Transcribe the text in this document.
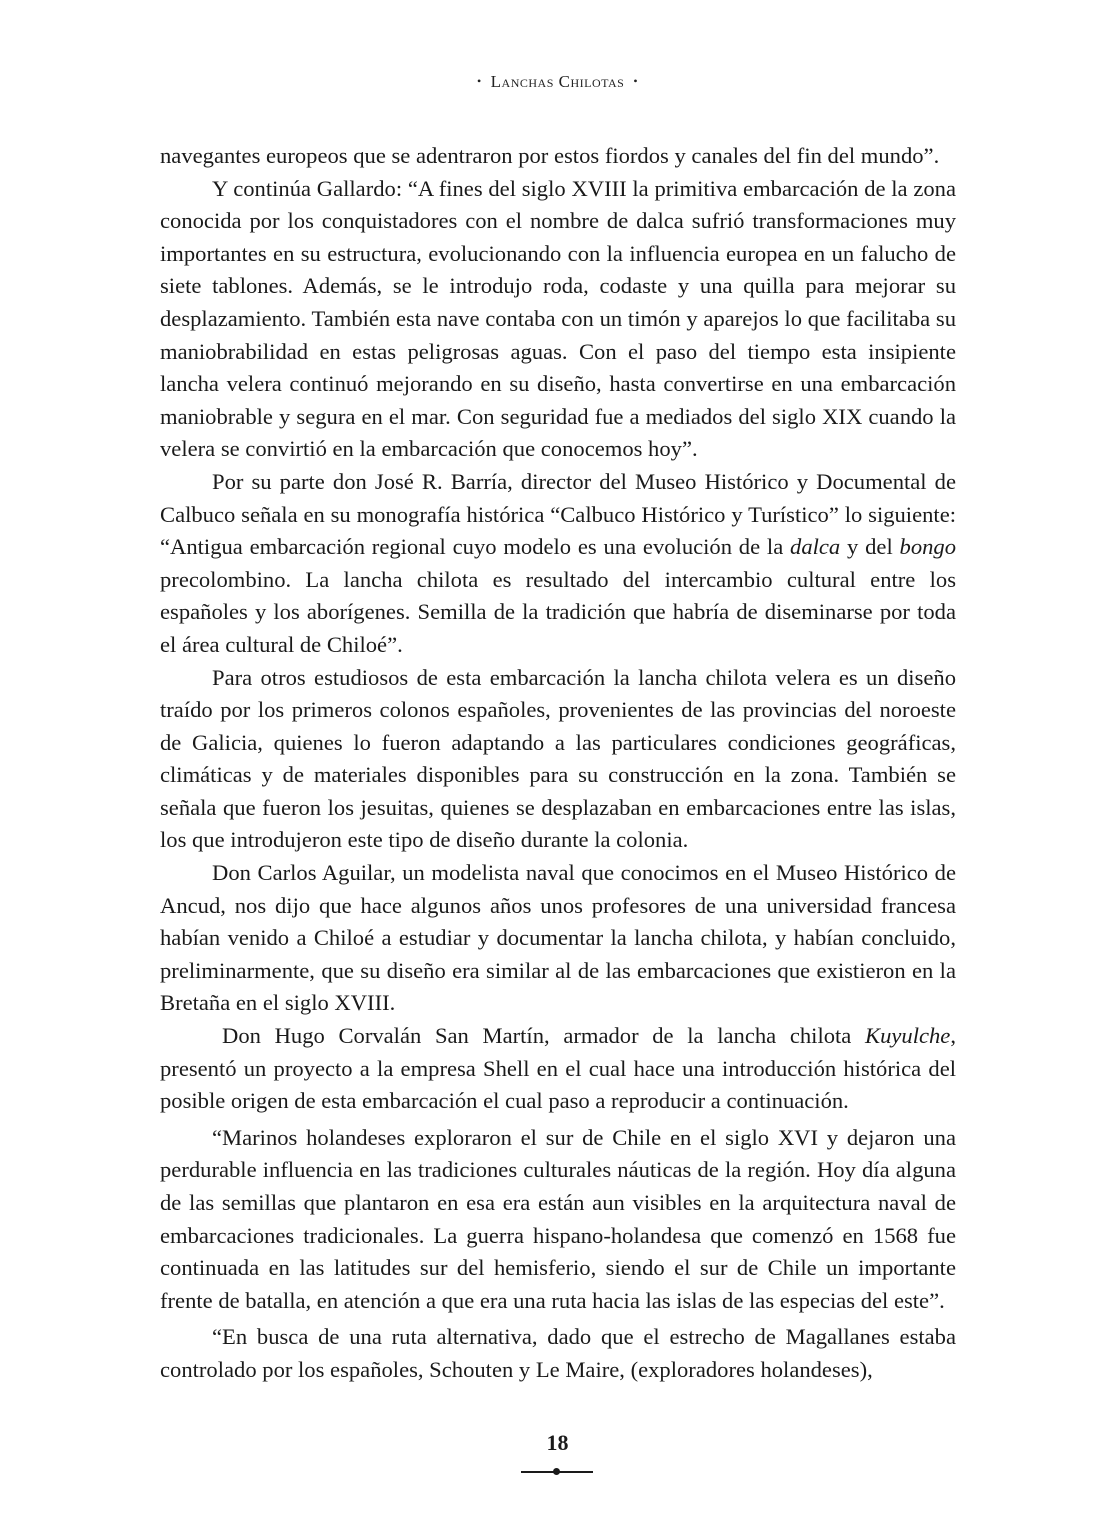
• Lanchas Chilotas •

navegantes europeos que se adentraron por estos fiordos y canales del fin del mundo”.

Y continúa Gallardo: “A fines del siglo XVIII la primitiva embarcación de la zona conocida por los conquistadores con el nombre de dalca sufrió transformaciones muy importantes en su estructura, evolucionando con la influencia europea en un falucho de siete tablones. Además, se le introdujo roda, codaste y una quilla para mejorar su desplazamiento. También esta nave contaba con un timón y aparejos lo que facilitaba su maniobrabilidad en estas peligrosas aguas. Con el paso del tiempo esta insipiente lancha velera continuó mejorando en su diseño, hasta convertirse en una embarcación maniobrable y segura en el mar. Con seguridad fue a mediados del siglo XIX cuando la velera se convirtió en la embarcación que conocemos hoy”.

Por su parte don José R. Barría, director del Museo Histórico y Documental de Calbuco señala en su monografía histórica “Calbuco Histórico y Turístico” lo siguiente: “Antigua embarcación regional cuyo modelo es una evolución de la dalca y del bongo precolombino. La lancha chilota es resultado del intercambio cultural entre los españoles y los aborígenes. Semilla de la tradición que habría de diseminarse por toda el área cultural de Chiloé”.

Para otros estudiosos de esta embarcación la lancha chilota velera es un diseño traído por los primeros colonos españoles, provenientes de las provincias del noroeste de Galicia, quienes lo fueron adaptando a las particulares condiciones geográficas, climáticas y de materiales disponibles para su construcción en la zona. También se señala que fueron los jesuitas, quienes se desplazaban en embarcaciones entre las islas, los que introdujeron este tipo de diseño durante la colonia.

Don Carlos Aguilar, un modelista naval que conocimos en el Museo Histórico de Ancud, nos dijo que hace algunos años unos profesores de una universidad francesa habían venido a Chiloé a estudiar y documentar la lancha chilota, y habían concluido, preliminarmente, que su diseño era similar al de las embarcaciones que existieron en la Bretaña en el siglo XVIII.

Don Hugo Corvalán San Martín, armador de la lancha chilota Kuyulche, presentó un proyecto a la empresa Shell en el cual hace una introducción histórica del posible origen de esta embarcación el cual paso a reproducir a continuación.

“Marinos holandeses exploraron el sur de Chile en el siglo XVI y dejaron una perdurable influencia en las tradiciones culturales náuticas de la región. Hoy día alguna de las semillas que plantaron en esa era están aun visibles en la arquitectura naval de embarcaciones tradicionales. La guerra hispano-holandesa que comenzó en 1568 fue continuada en las latitudes sur del hemisferio, siendo el sur de Chile un importante frente de batalla, en atención a que era una ruta hacia las islas de las especias del este”.

“En busca de una ruta alternativa, dado que el estrecho de Magallanes estaba controlado por los españoles, Schouten y Le Maire, (exploradores holandeses),

18
